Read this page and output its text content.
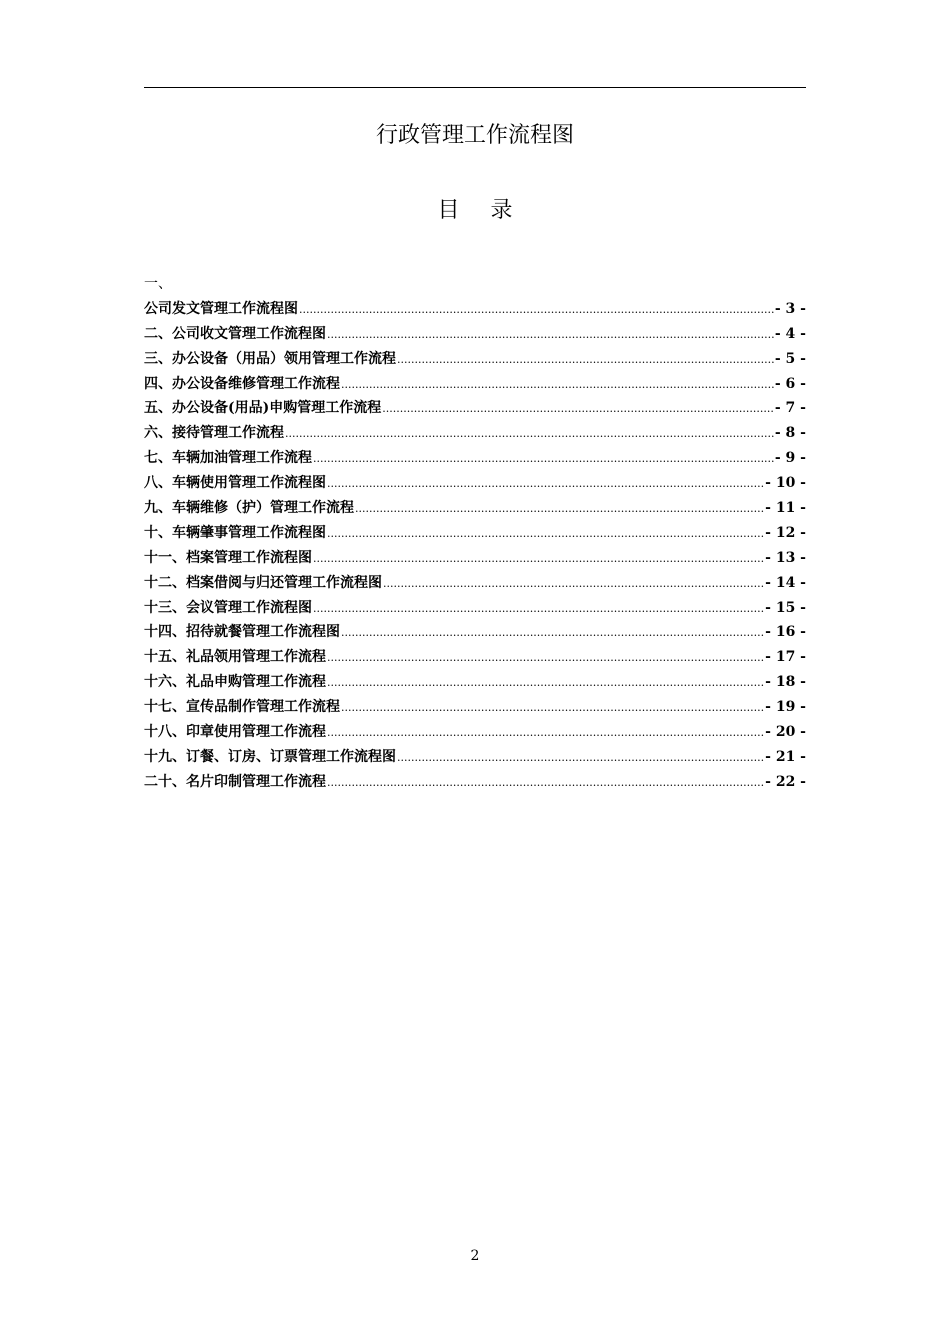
行政管理工作流程图
目 录
一、
公司发文管理工作流程图 .....	- 3 -
二、公司收文管理工作流程图 .....	- 4 -
三、办公设备（用品）领用管理工作流程 .....	- 5 -
四、办公设备维修管理工作流程 .....	- 6 -
五、办公设备(用品)申购管理工作流程 .....	- 7 -
六、接待管理工作流程 .....	- 8 -
七、车辆加油管理工作流程 .....	- 9 -
八、车辆使用管理工作流程图 .....	- 10 -
九、车辆维修（护）管理工作流程 .....	- 11 -
十、车辆肇事管理工作流程图 .....	- 12 -
十一、档案管理工作流程图 .....	- 13 -
十二、档案借阅与归还管理工作流程图 .....	- 14 -
十三、会议管理工作流程图 .....	- 15 -
十四、招待就餐管理工作流程图 .....	- 16 -
十五、礼品领用管理工作流程 .....	- 17 -
十六、礼品申购管理工作流程 .....	- 18 -
十七、宣传品制作管理工作流程 .....	- 19 -
十八、印章使用管理工作流程 .....	- 20 -
十九、订餐、订房、订票管理工作流程图 .....	- 21 -
二十、名片印制管理工作流程 .....	- 22 -
2
